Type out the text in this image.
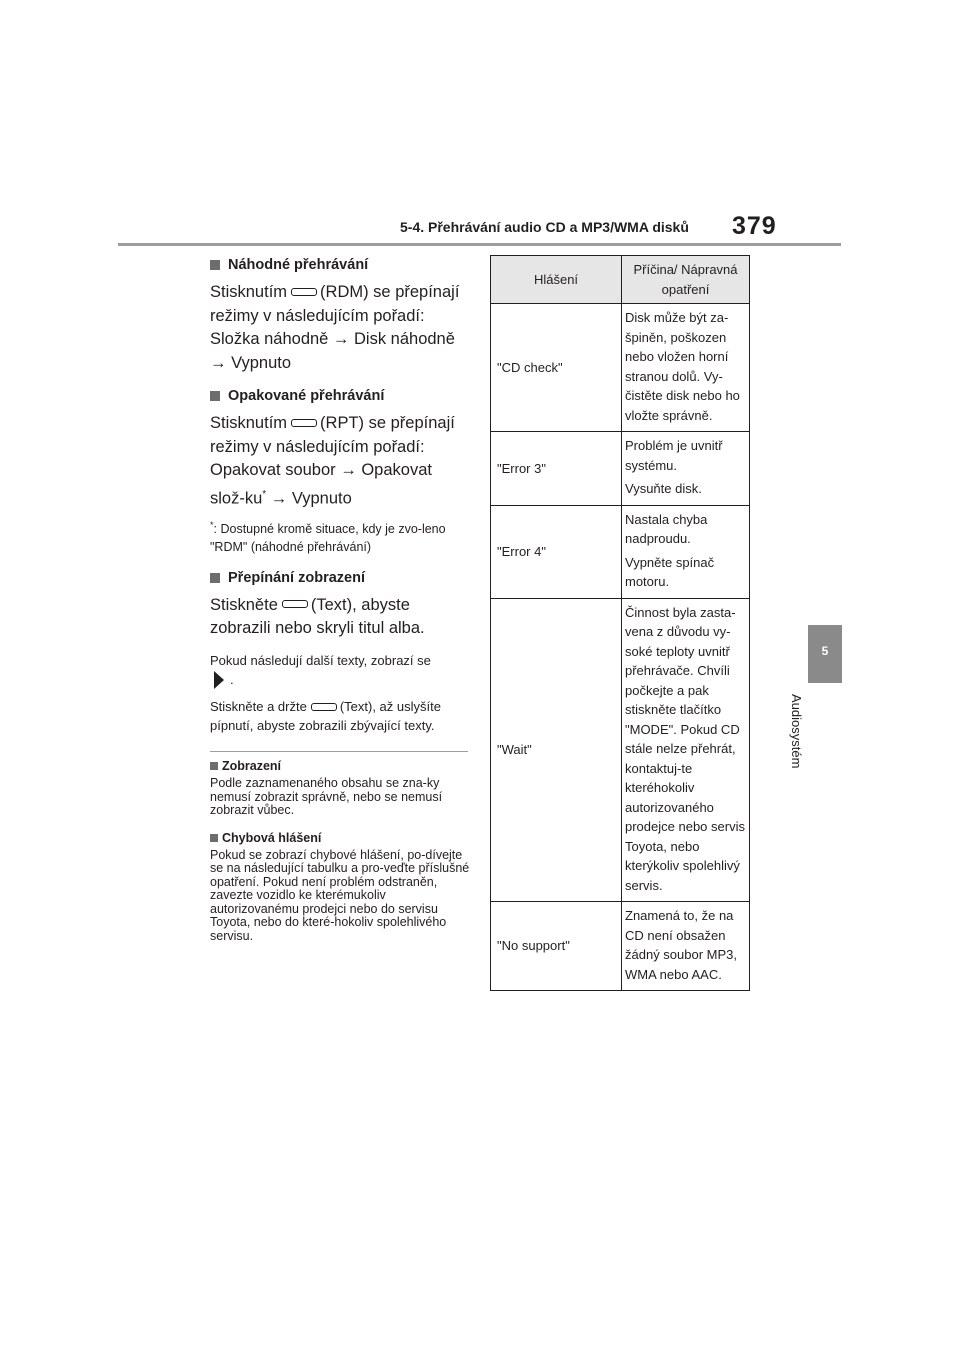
5-4. Přehrávání audio CD a MP3/WMA disků 379
5
Audiosystém
Náhodné přehrávání
Stisknutím (RDM) se přepínají režimy v následujícím pořadí: Složka náhodně → Disk náhodně → Vypnuto
Opakované přehrávání
Stisknutím (RPT) se přepínají režimy v následujícím pořadí: Opakovat soubor → Opakovat slož-ku* → Vypnuto
*: Dostupné kromě situace, kdy je zvo-leno "RDM" (náhodné přehrávání)
Přepínání zobrazení
Stiskněte (Text), abyste zobrazili nebo skryli titul alba.
Pokud následují další texty, zobrazí se
.
Stiskněte a držte	(Text), až uslyšíte pípnutí, abyste zobrazili zbývající texty.
Zobrazení
Podle zaznamenaného obsahu se zna-ky nemusí zobrazit správně, nebo se nemusí zobrazit vůbec.
Chybová hlášení
Pokud se zobrazí chybové hlášení, po-dívejte se na následující tabulku a pro-veďte příslušné opatření. Pokud není problém odstraněn, zavezte vozidlo ke kterémukoliv autorizovanému prodejci nebo do servisu Toyota, nebo do které-hokoliv spolehlivého servisu.
Hlášení	Příčina/ Nápravná opatření
"CD check"	Disk může být za-špiněn, poškozen nebo vložen horní stranou dolů. Vy-čistěte disk nebo ho vložte správně.

"Error 3"	Problém je uvnitř systému.
Vysuňte disk.

"Error 4"	Nastala chyba nadproudu.
Vypněte spínač motoru.

"Wait"	Činnost byla zasta-vena z důvodu vy-soké teploty uvnitř přehrávače. Chvíli počkejte a pak stiskněte tlačítko "MODE". Pokud CD stále nelze přehrát, kontaktuj-te kteréhokoliv autorizovaného prodejce nebo servis Toyota, nebo kterýkoliv spolehlivý servis.

"No support"	Znamená to, že na CD není obsažen žádný soubor MP3, WMA nebo AAC.
